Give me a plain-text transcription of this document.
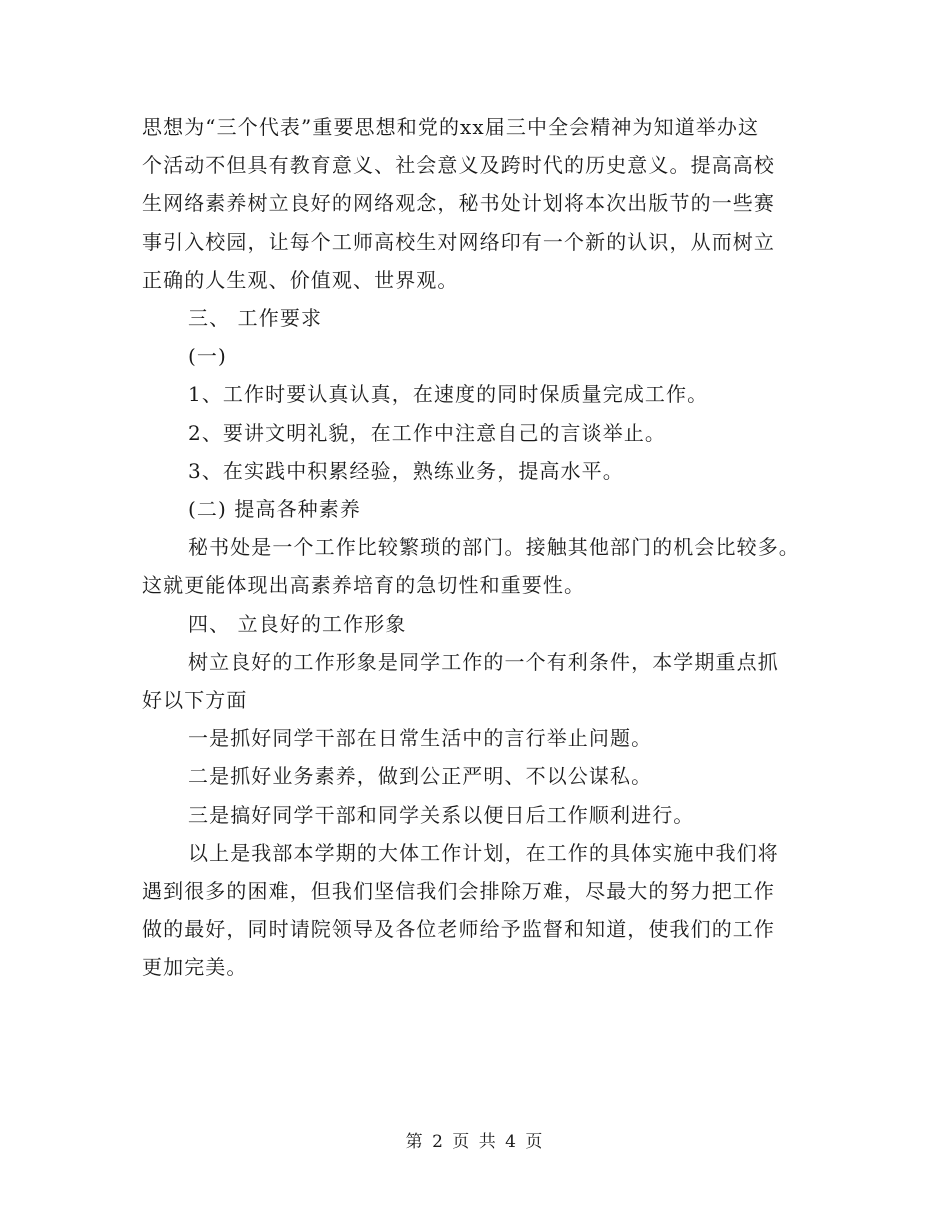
思想为“三个代表”重要思想和党的xx届三中全会精神为知道举办这

个活动不但具有教育意义、社会意义及跨时代的历史意义。提高高校

生网络素养树立良好的网络观念，秘书处计划将本次出版节的一些赛

事引入校园，让每个工师高校生对网络印有一个新的认识，从而树立

正确的人生观、价值观、世界观。

三、 工作要求

(一)

1、工作时要认真认真，在速度的同时保质量完成工作。

2、要讲文明礼貌，在工作中注意自己的言谈举止。

3、在实践中积累经验，熟练业务，提高水平。

(二) 提高各种素养

秘书处是一个工作比较繁琐的部门。接触其他部门的机会比较多。

这就更能体现出高素养培育的急切性和重要性。

四、 立良好的工作形象

树立良好的工作形象是同学工作的一个有利条件，本学期重点抓

好以下方面

一是抓好同学干部在日常生活中的言行举止问题。

二是抓好业务素养，做到公正严明、不以公谋私。

三是搞好同学干部和同学关系以便日后工作顺利进行。

以上是我部本学期的大体工作计划，在工作的具体实施中我们将

遇到很多的困难，但我们坚信我们会排除万难，尽最大的努力把工作

做的最好，同时请院领导及各位老师给予监督和知道，使我们的工作

更加完美。

第 2 页 共 4 页
